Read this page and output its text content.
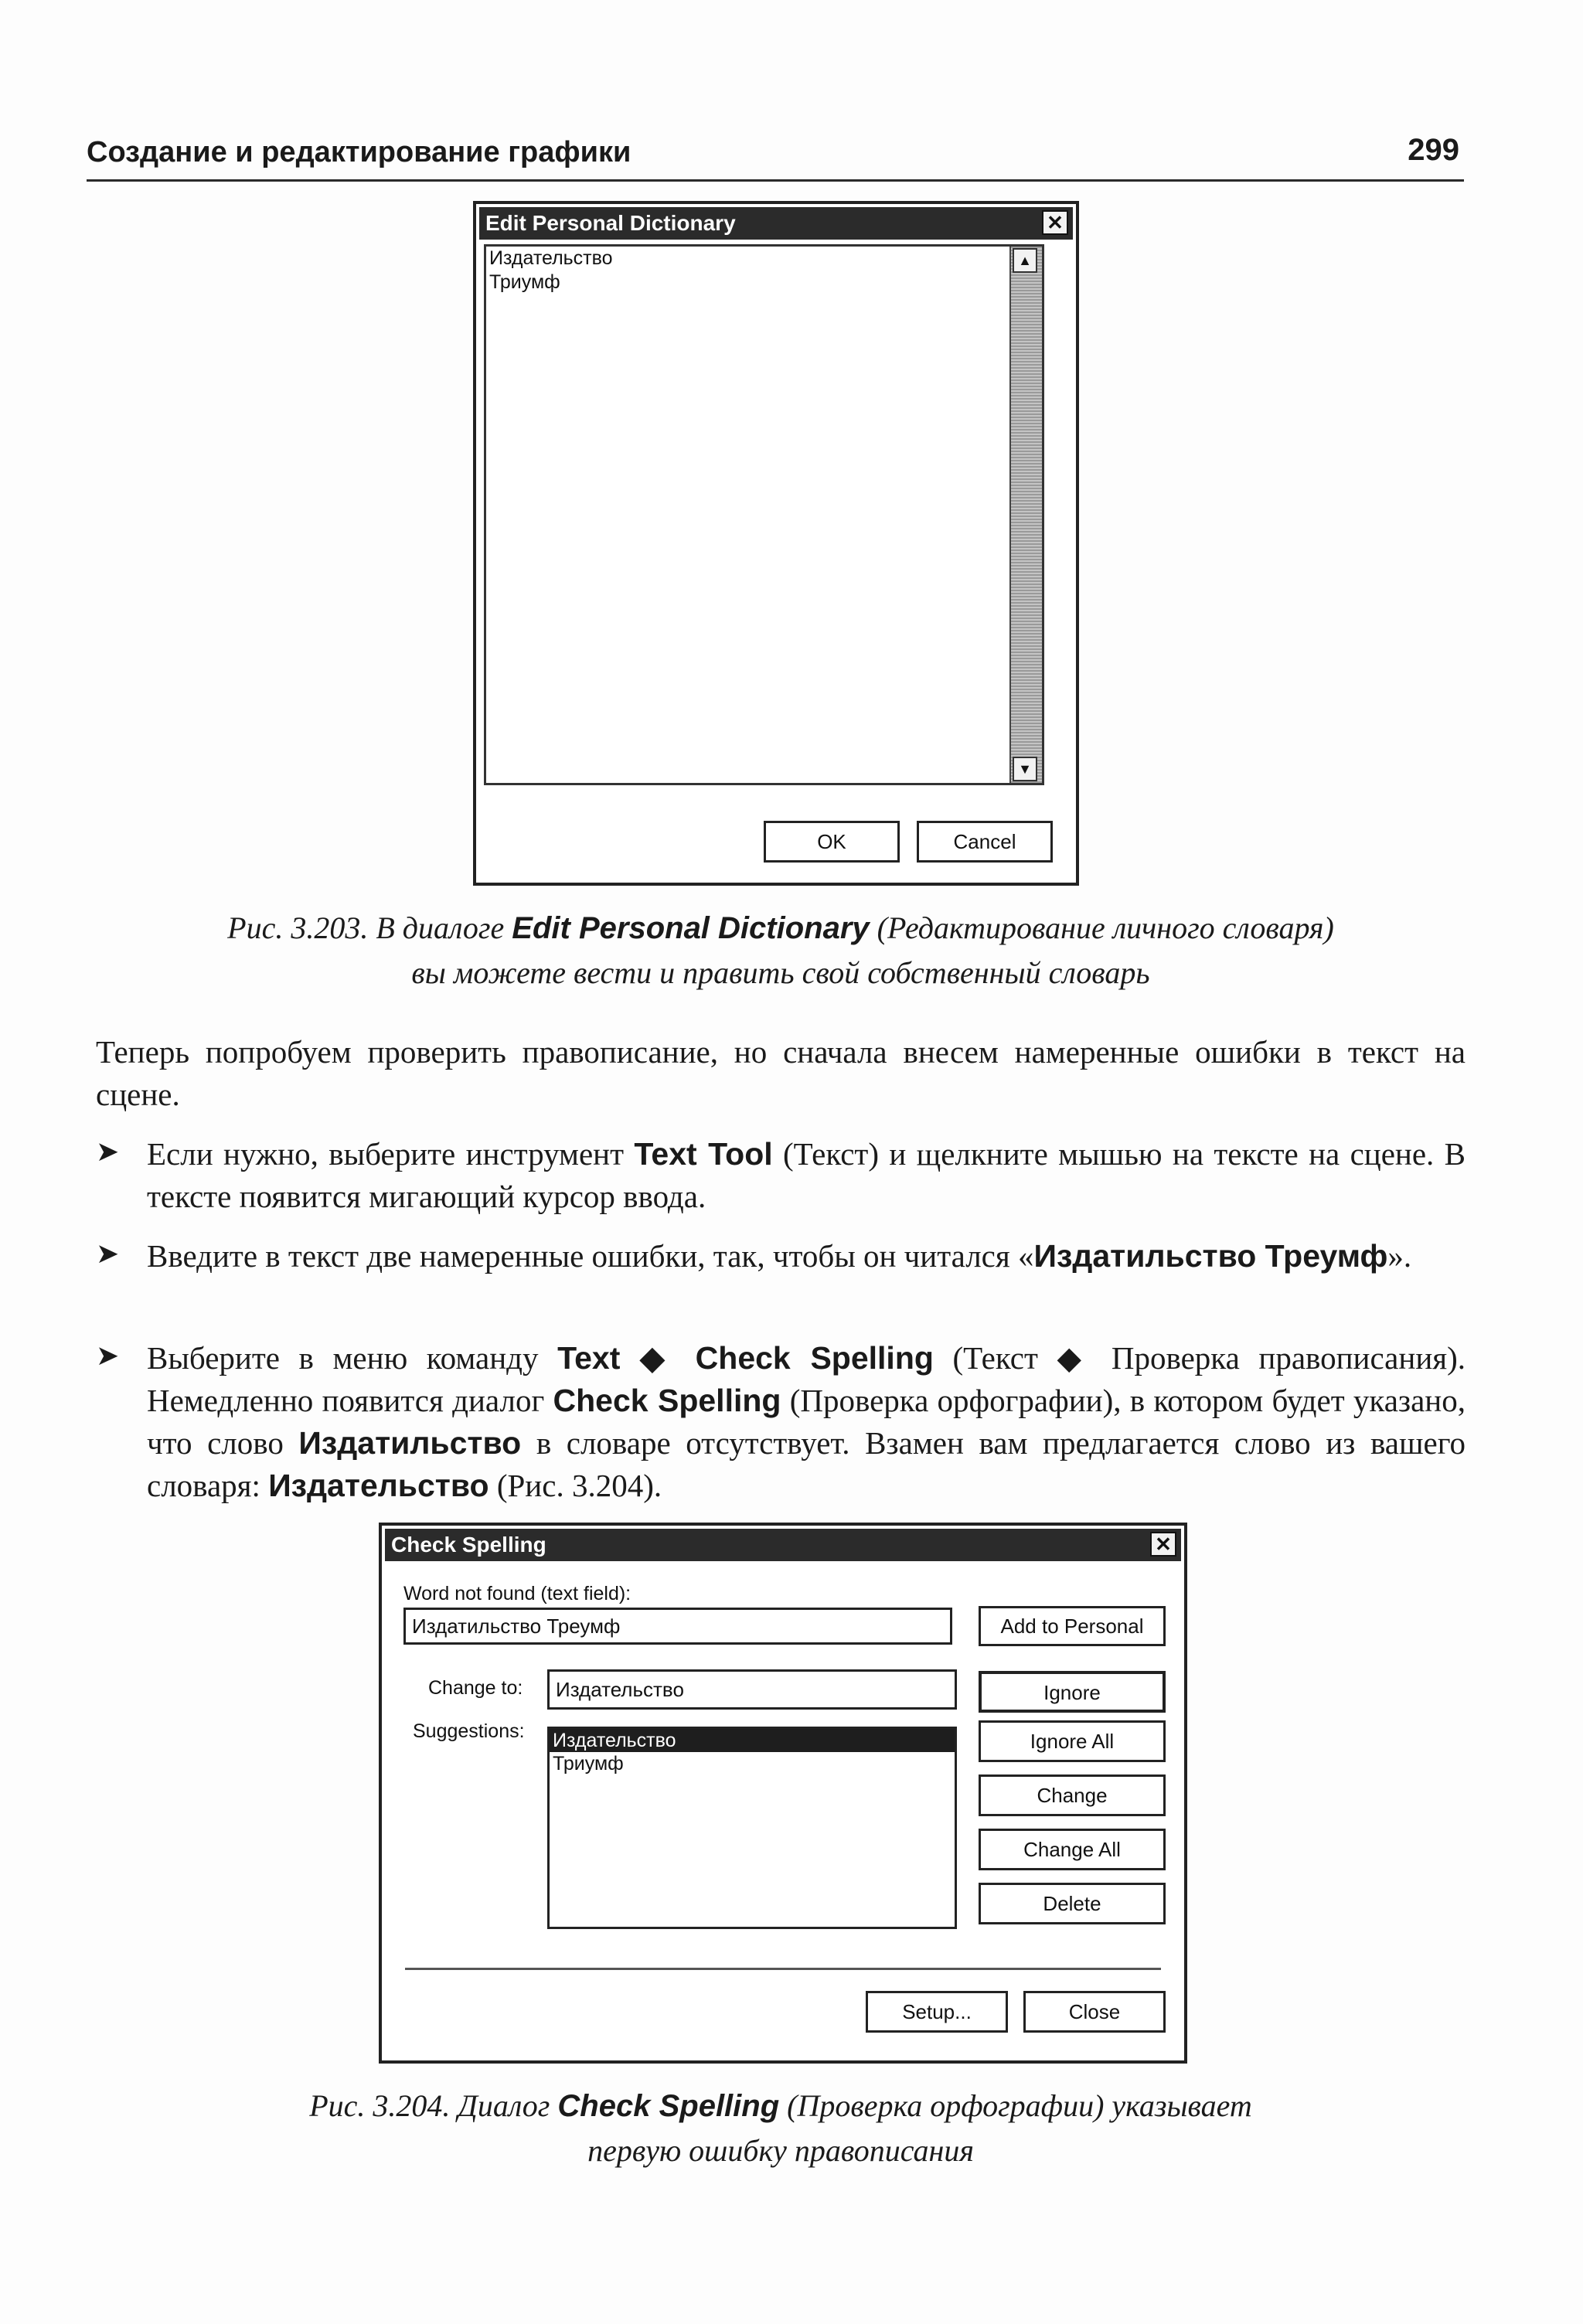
Создание и редактирование графики	299
Edit Personal Dictionary	✕
Издательство
Триумф
▲
▼
OK	Cancel
Рис. 3.203. В диалоге Edit Personal Dictionary (Редактирование личного словаря)
вы можете вести и править свой собственный словарь
Теперь попробуем проверить правописание, но сначала внесем намеренные ошибки в текст на сцене.
➤ Если нужно, выберите инструмент Text Tool (Текст) и щелкните мышью на тексте на сцене. В тексте появится мигающий курсор ввода.
➤ Введите в текст две намеренные ошибки, так, чтобы он читался «Издатильство Треумф».
➤ Выберите в меню команду Text ◆ Check Spelling (Текст ◆ Проверка правописания). Немедленно появится диалог Check Spelling (Проверка орфографии), в котором будет указано, что слово Издатильство в словаре отсутствует. Взамен вам предлагается слово из вашего словаря: Издательство (Рис. 3.204).
Check Spelling	✕
Word not found (text field):
Издатильство Треумф	Add to Personal
Change to:	Издательство	Ignore
Suggestions: Издательство
Триумф
Ignore All
Change
Change All
Delete
Setup...	Close
Рис. 3.204. Диалог Check Spelling (Проверка орфографии) указывает
первую ошибку правописания
